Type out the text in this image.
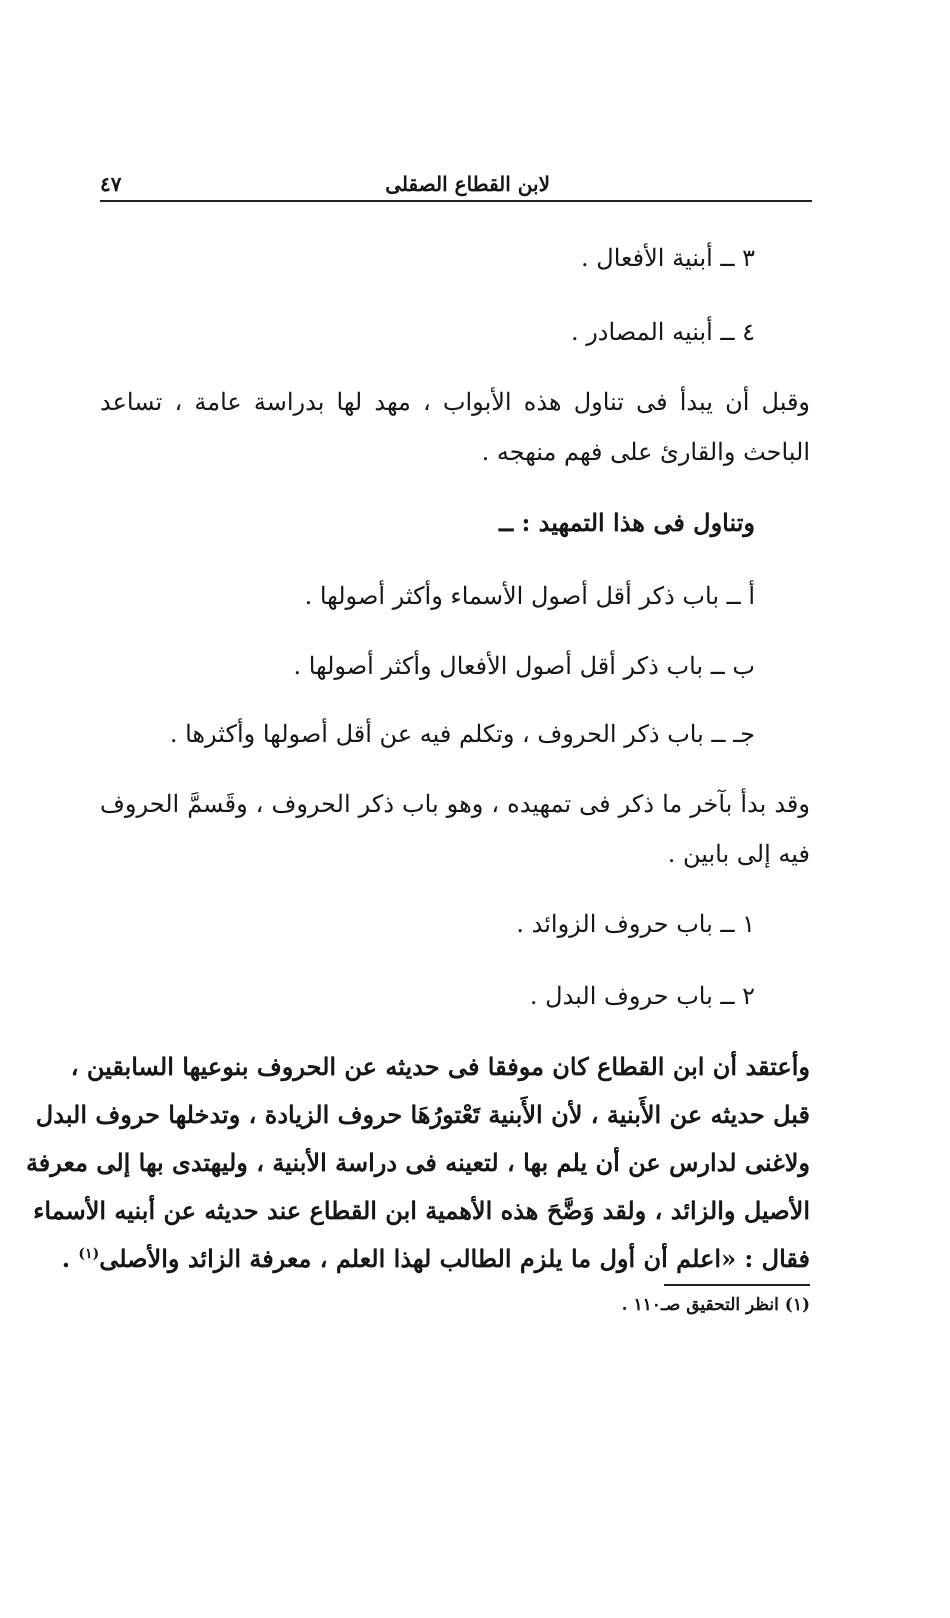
لابن القطاع الصقلى
٤٧
٣ ــ أبنية الأفعال .
٤ ــ أبنيه المصادر .
وقبل أن يبدأ فى تناول هذه الأبواب ، مهد لها بدراسة عامة ، تساعد
الباحث والقارئ على فهم منهجه .
وتناول فى هذا التمهيد : ــ
أ ــ باب ذكر أقل أصول الأسماء وأكثر أصولها .
ب ــ باب ذكر أقل أصول الأفعال وأكثر أصولها .
جـ ــ باب ذكر الحروف ، وتكلم فيه عن أقل أصولها وأكثرها .
وقد بدأ بآخر ما ذكر فى تمهيده ، وهو باب ذكر الحروف ، وقَسمَّ الحروف
فيه إلى بابين .
١ ــ باب حروف الزوائد .
٢ ــ باب حروف البدل .
وأعتقد أن ابن القطاع كان موفقا فى حديثه عن الحروف بنوعيها السابقين ،
قبل حديثه عن الأَبنية ، لأن الأَبنية تَعْتورُهَا حروف الزيادة ، وتدخلها حروف البدل
ولاغنى لدارس عن أن يلم بها ، لتعينه فى دراسة الأبنية ، وليهتدى بها إلى معرفة
الأصيل والزائد ، ولقد وَضَّحَ هذه الأهمية ابن القطاع عند حديثه عن أبنيه الأسماء
فقال : «اعلم أن أول ما يلزم الطالب لهذا العلم ، معرفة الزائد والأصلى$^{(١)}$ .
(١) انظر التحقيق صـ١١٠ .
